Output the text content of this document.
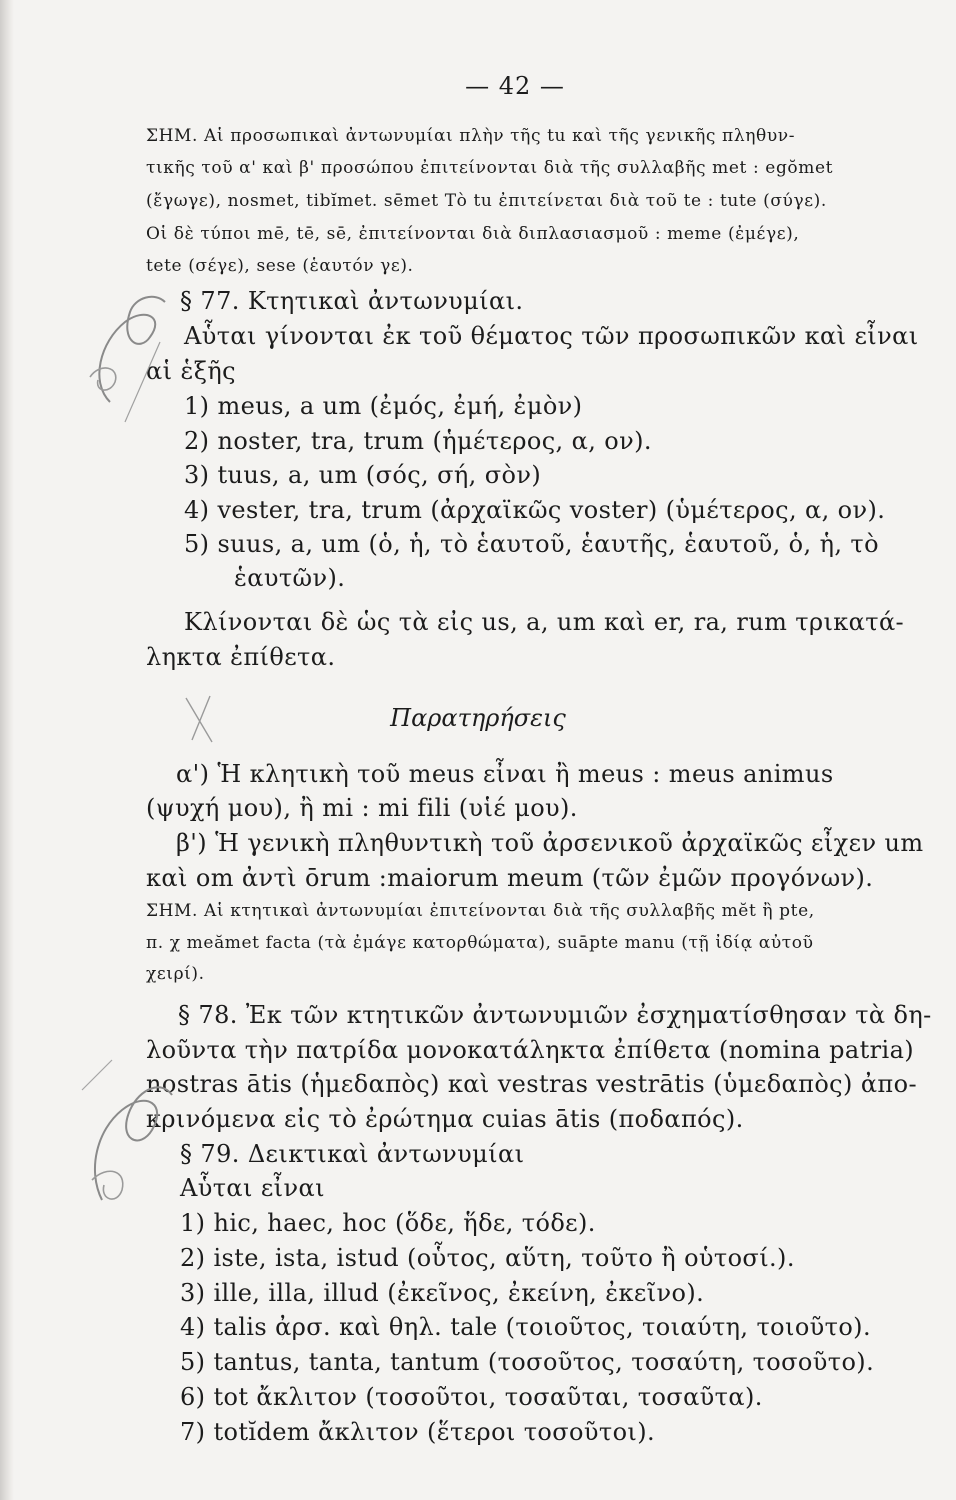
— 42 —
ΣΗΜ. Αἱ προσωπικαὶ ἀντωνυμίαι πλὴν τῆς tu καὶ τῆς γενικῆς πληθυν-
τικῆς τοῦ α' καὶ β' προσώπου ἐπιτείνονται διὰ τῆς συλλαβῆς met : egŏmet
(ἔγωγε), nosmet, tibĭmet. sēmet Τὸ tu ἐπιτείνεται διὰ τοῦ te : tute (σύγε).
Οἱ δὲ τύποι mē, tē, sē, ἐπιτείνονται διὰ διπλασιασμοῦ : meme (ἐμέγε),
tete (σέγε), sese (ἑαυτόν γε).
§ 77. Κτητικαὶ ἀντωνυμίαι.
Αὗται γίνονται ἐκ τοῦ θέματος τῶν προσωπικῶν καὶ εἶναι
αἱ ἑξῆς
1) meus, a um (ἐμός, ἐμή, ἐμὸν)
2) noster, tra, trum (ἡμέτερος, α, ον).
3) tuus, a, um (σός, σή, σὸν)
4) vester, tra, trum (ἀρχαϊκῶς voster) (ὑμέτερος, α, ον).
5) suus, a, um (ὁ, ἡ, τὸ ἑαυτοῦ, ἑαυτῆς, ἑαυτοῦ, ὁ, ἡ, τὸ
ἑαυτῶν).
Κλίνονται δὲ ὡς τὰ εἰς us, a, um καὶ er, ra, rum τρικατά-
ληκτα ἐπίθετα.
Παρατηρήσεις
α') Ἡ κλητικὴ τοῦ meus εἶναι ἢ meus : meus animus
(ψυχή μου), ἢ mi : mi fili (υἱέ μου).
β') Ἡ γενικὴ πληθυντικὴ τοῦ ἀρσενικοῦ ἀρχαϊκῶς εἶχεν um
καὶ om ἀντὶ ōrum :maiorum meum (τῶν ἐμῶν προγόνων).
ΣΗΜ. Αἱ κτητικαὶ ἀντωνυμίαι ἐπιτείνονται διὰ τῆς συλλαβῆς mĕt ἢ pte,
π. χ meămet facta (τὰ ἐμάγε κατορθώματα), suāpte manu (τῇ ἰδίᾳ αὐτοῦ
χειρί).
§ 78. Ἐκ τῶν κτητικῶν ἀντωνυμιῶν ἐσχηματίσθησαν τὰ δη-
λοῦντα τὴν πατρίδα μονοκατάληκτα ἐπίθετα (nomina patria)
nostras ātis (ἡμεδαπὸς) καὶ vestras vestrātis (ὑμεδαπὸς) ἀπο-
κρινόμενα εἰς τὸ ἐρώτημα cuias ātis (ποδαπός).
§ 79. Δεικτικαὶ ἀντωνυμίαι
Αὗται εἶναι
1) hic, haec, hoc (ὅδε, ἥδε, τόδε).
2) iste, ista, istud (οὗτος, αὕτη, τοῦτο ἢ οὑτοσί.).
3) ille, illa, illud (ἐκεῖνος, ἐκείνη, ἐκεῖνο).
4) talis ἀρσ. καὶ θηλ. tale (τοιοῦτος, τοιαύτη, τοιοῦτο).
5) tantus, tanta, tantum (τοσοῦτος, τοσαύτη, τοσοῦτο).
6) tot ἄκλιτον (τοσοῦτοι, τοσαῦται, τοσαῦτα).
7) totĭdem ἄκλιτον (ἕτεροι τοσοῦτοι).
